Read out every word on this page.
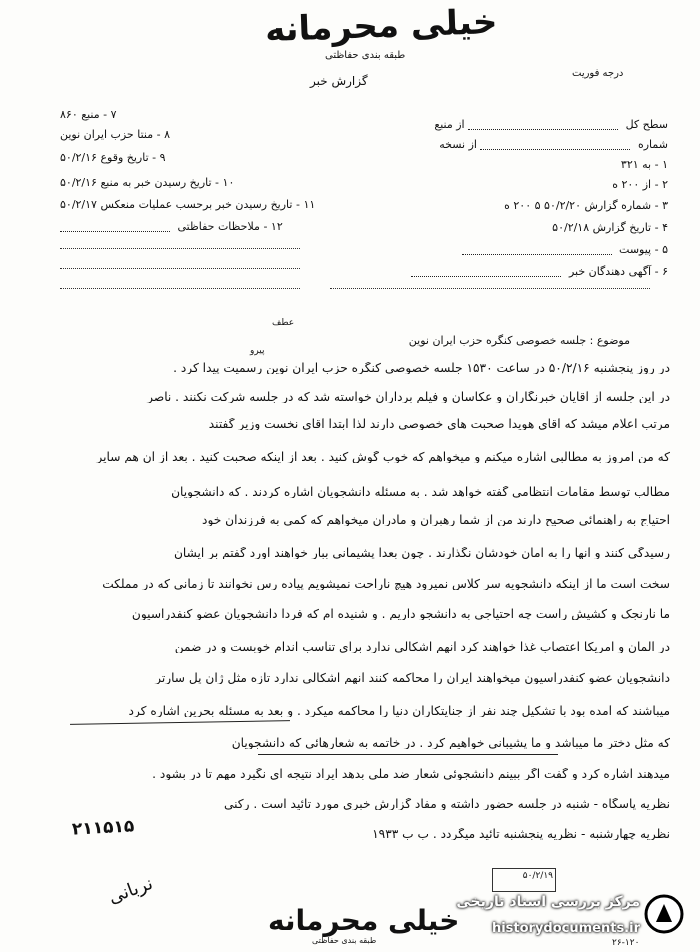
خیلی محرمانه
طبقه بندی حفاظتی
گزارش خبر
درجه فوریت
سطح کل  از منبع
شماره  از نسخه
۱ - به ۳۲۱
۲ - از ۲۰۰ ه
۳ - شماره گزارش ۵۰/۲/۲۰ ۵ ۲۰۰ ه
۴ - تاریخ گزارش ۵۰/۲/۱۸
۵ - پیوست
۶ - آگهی دهندگان خبر
۷ - منبع ۸۶۰
۸ - منتا حزب ایران نوین
۹ - تاریخ وقوع ۵۰/۲/۱۶
۱۰ - تاریخ رسیدن خبر به منبع ۵۰/۲/۱۶
۱۱ - تاریخ رسیدن خبر برحسب عملیات منعکس ۵۰/۲/۱۷
۱۲ - ملاحظات حفاظتی
عطف
پیرو
موضوع : جلسه خصوصی کنگره حزب ایران نوین
در روز پنجشنبه ۵۰/۲/۱۶ در ساعت ۱۵۳۰ جلسه خصوصی کنگره حزب ایران نوین رسمیت پیدا کرد .
در این جلسه از آقایان خبرنگاران و عکاسان و فیلم برداران خواسته شد که در جلسه شرکت نکنند . ناصر
مرتب اعلام میشد که آقای هویدا صحبت های خصوصی دارند لذا ابتدا آقای نخست وزیر گفتند
که من امروز به مطالبی اشاره میکنم و میخواهم که خوب گوش کنید . بعد از اینکه صحبت کنید . بعد از آن هم سایر
مطالب توسط مقامات انتظامی گفته خواهد شد . به مسئله دانشجویان اشاره کردند . که دانشجویان
احتیاج به راهنمائی صحیح دارند من از شما رهبران و مادران میخواهم که کمی به فرزندان خود
رسیدگی کنند و آنها را به امان خودشان نگذارند . چون بعدا پشیمانی ببار خواهند آورد گفتم بر ایشان
سخت است ما از اینکه دانشجویه سر کلاس نمیرود هیچ ناراحت نمیشویم پیاده رس نخوانند تا زمانی که در مملکت
ما نارنجک و کشیش راست چه احتیاجی به دانشجو داریم . و شنیده ام که فردا دانشجویان عضو کنفدراسیون
در آلمان و امریکا اعتصاب غذا خواهند کرد آنهم اشکالی ندارد برای تناسب اندام خوبست و در ضمن
دانشجویان عضو کنفدراسیون میخواهند ایران را محاکمه کنند آنهم اشکالی ندارد تازه مثل ژان پل سارتر
میباشند که آمده بود با تشکیل چند نفر از جنایتکاران دنیا را محاکمه میکرد . و بعد به مسئله بحرین اشاره کرد
که مثل دختر ما میباشد و ما پشیبانی خواهیم کرد . در خاتمه به شعارهائی که دانشجویان
میدهند اشاره کرد و گفت اگر ببینم دانشجوئی شعار ضد ملی بدهد ایراد نتیجه ای نگیرد مهم تا در بشود .
نظریه پاسگاه - شنبه در جلسه حضور داشته و مفاد گزارش خبری مورد تائید است . رکنی
نظریه چهارشنبه - نظریه پنجشنبه تائید میگردد . ب ب ۱۹۳۳
۲۱۱۵۱۵
نربانی	۵۰/۲/۱۹
خیلی محرمانه
طبقه بندی حفاظتی	۲۶-۱۲۰
مرکز بررسی اسناد تاریخی
historydocuments.ir
